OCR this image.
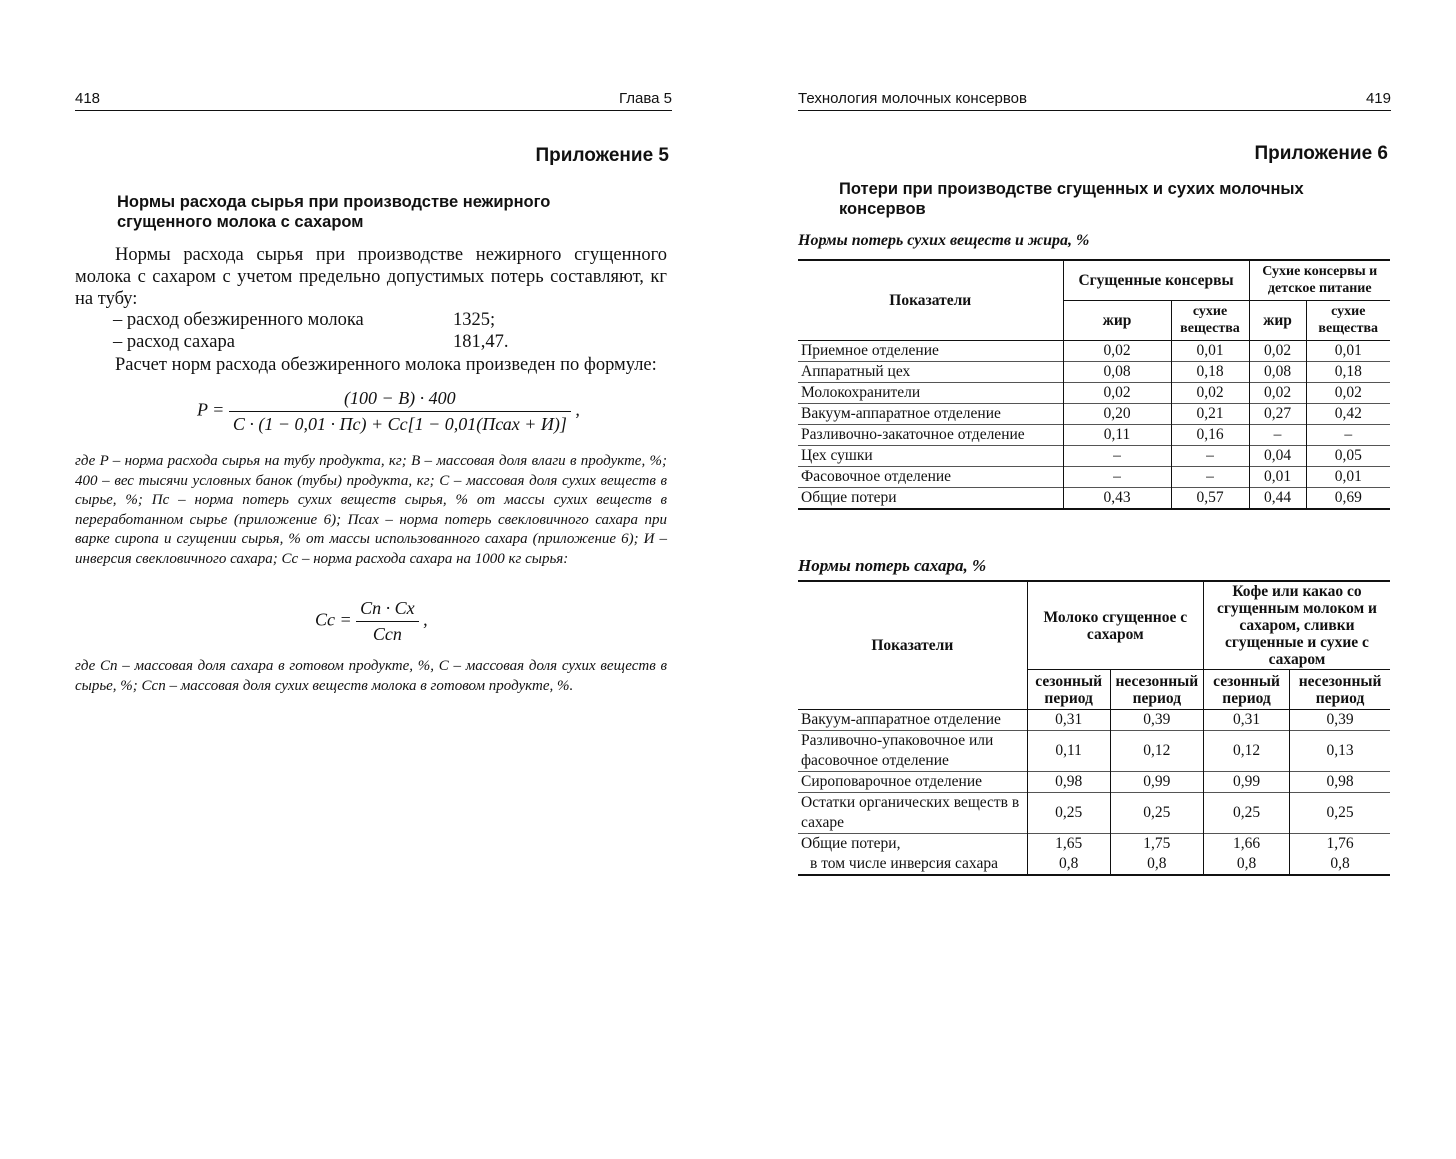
418	Глава 5
Приложение 5
Нормы расхода сырья при производстве нежирного
сгущенного молока с сахаром
Нормы расхода сырья при производстве нежирного сгущенного молока с сахаром с учетом предельно допустимых потерь составляют, кг на тубу:
– расход обезжиренного молока	1325;
– расход сахара	181,47.
Расчет норм расхода обезжиренного молока произведен по формуле:
$P = \frac{(100 - B) \cdot 400}{\text{C · (1 − 0,01 · Пс) + Cс[1 − 0,01(Псах + И)]}}$ ,
где P – норма расхода сырья на тубу продукта, кг; B – массовая доля влаги в продукте, %; 400 – вес тысячи условных банок (тубы) продукта, кг; C – массовая доля сухих веществ в сырье, %; Пс – норма потерь сухих веществ сырья, % от массы сухих веществ в переработанном сырье (приложение 6); Псах – норма потерь свекловичного сахара при варке сиропа и сгущении сырья, % от массы использованного сахара (приложение 6); И – инверсия свекловичного сахара; Cс – норма расхода сахара на 1000 кг сырья:
Cс = $\frac{Cп \cdot Cх}{\text{Cсп}}$ ,
где Cп – массовая доля сахара в готовом продукте, %, C – массовая доля сухих веществ в сырье, %; Cсп – массовая доля сухих веществ молока в готовом продукте, %.
Технология молочных консервов	419
Приложение 6
Потери при производстве сгущенных и сухих молочных
консервов
Нормы потерь сухих веществ и жира, %
Показатели	Сгущенные консервы		Сухие консервы и детское питание	
	жир	сухие вещества	жир	сухие вещества
Приемное отделение	0,02	0,01	0,02	0,01
Аппаратный цех	0,08	0,18	0,08	0,18
Молокохранители	0,02	0,02	0,02	0,02
Вакуум-аппаратное отделение	0,20	0,21	0,27	0,42
Разливочно-закаточное отделение	0,11	0,16	–	–
Цех сушки	–	–	0,04	0,05
Фасовочное отделение	–	–	0,01	0,01
Общие потери	0,43	0,57	0,44	0,69
Нормы потерь сахара, %
Показатели	Молоко сгущенное с сахаром		Кофе или какао со сгущенным молоком и сахаром, сливки сгущенные и сухие с сахаром	
	сезонный период	несезонный период	сезонный период	несезонный период
Вакуум-аппаратное отделение	0,31	0,39	0,31	0,39
Разливочно-упаковочное или фасовочное отделение	0,11	0,12	0,12	0,13
Сироповарочное отделение	0,98	0,99	0,99	0,98
Остатки органических веществ в сахаре	0,25	0,25	0,25	0,25
Общие потери,	1,65	1,75	1,66	1,76
в том числе инверсия сахара	0,8	0,8	0,8	0,8
